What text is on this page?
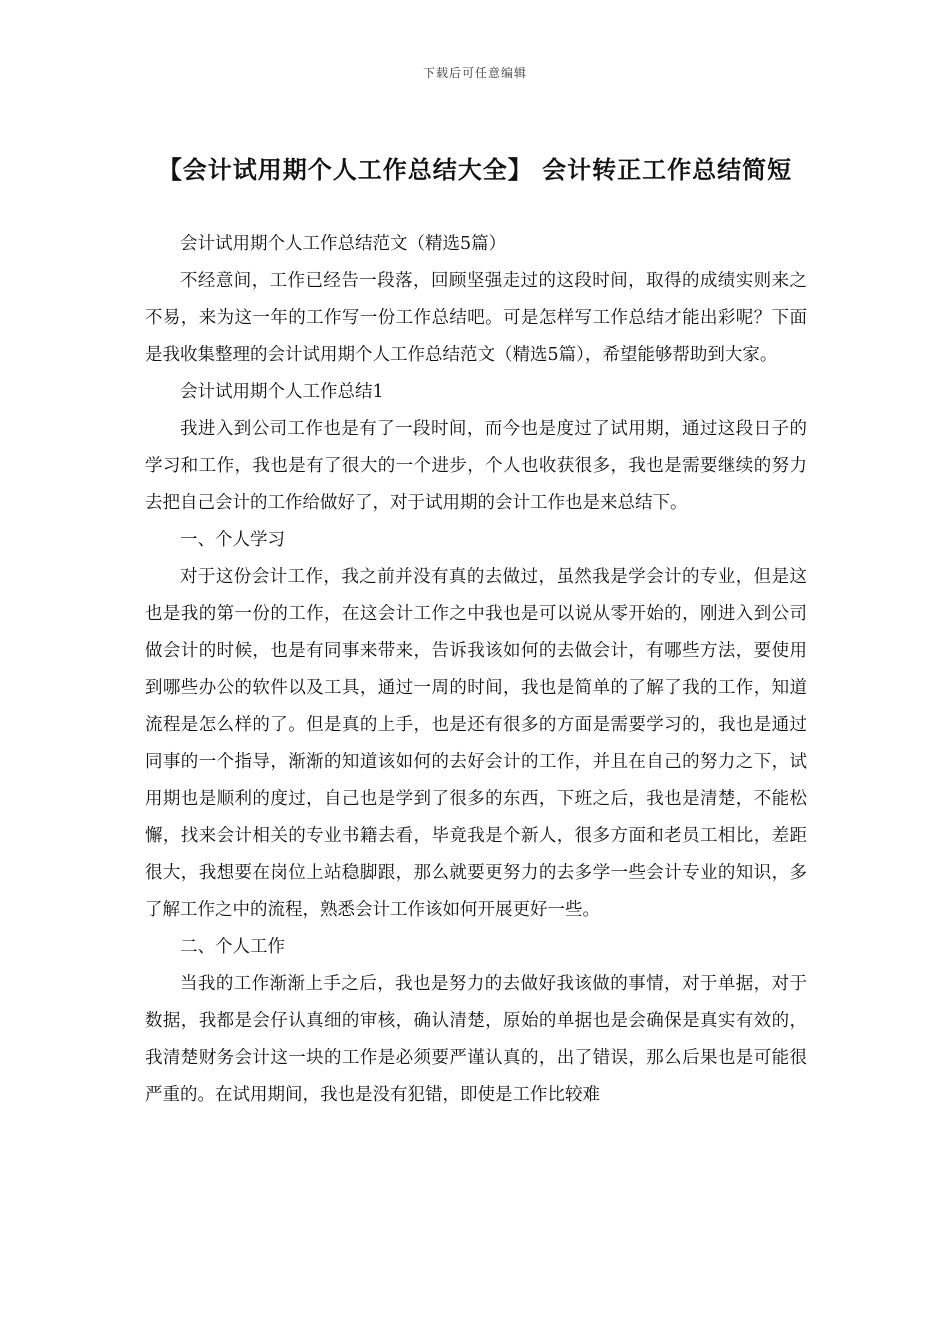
下载后可任意编辑
【会计试用期个人工作总结大全】 会计转正工作总结简短

会计试用期个人工作总结范文（精选5篇）

不经意间，工作已经告一段落，回顾坚强走过的这段时间，取得的成绩实则来之不易，来为这一年的工作写一份工作总结吧。可是怎样写工作总结才能出彩呢？下面是我收集整理的会计试用期个人工作总结范文（精选5篇），希望能够帮助到大家。

会计试用期个人工作总结1

我进入到公司工作也是有了一段时间，而今也是度过了试用期，通过这段日子的学习和工作，我也是有了很大的一个进步，个人也收获很多，我也是需要继续的努力去把自己会计的工作给做好了，对于试用期的会计工作也是来总结下。

一、个人学习

对于这份会计工作，我之前并没有真的去做过，虽然我是学会计的专业，但是这也是我的第一份的工作，在这会计工作之中我也是可以说从零开始的，刚进入到公司做会计的时候，也是有同事来带来，告诉我该如何的去做会计，有哪些方法，要使用到哪些办公的软件以及工具，通过一周的时间，我也是简单的了解了我的工作，知道流程是怎么样的了。但是真的上手，也是还有很多的方面是需要学习的，我也是通过同事的一个指导，渐渐的知道该如何的去好会计的工作，并且在自己的努力之下，试用期也是顺利的度过，自己也是学到了很多的东西，下班之后，我也是清楚，不能松懈，找来会计相关的专业书籍去看，毕竟我是个新人，很多方面和老员工相比，差距很大，我想要在岗位上站稳脚跟，那么就要更努力的去多学一些会计专业的知识，多了解工作之中的流程，熟悉会计工作该如何开展更好一些。

二、个人工作

当我的工作渐渐上手之后，我也是努力的去做好我该做的事情，对于单据，对于数据，我都是会仔认真细的审核，确认清楚，原始的单据也是会确保是真实有效的，我清楚财务会计这一块的工作是必须要严谨认真的，出了错误，那么后果也是可能很严重的。在试用期间，我也是没有犯错，即使是工作比较难
